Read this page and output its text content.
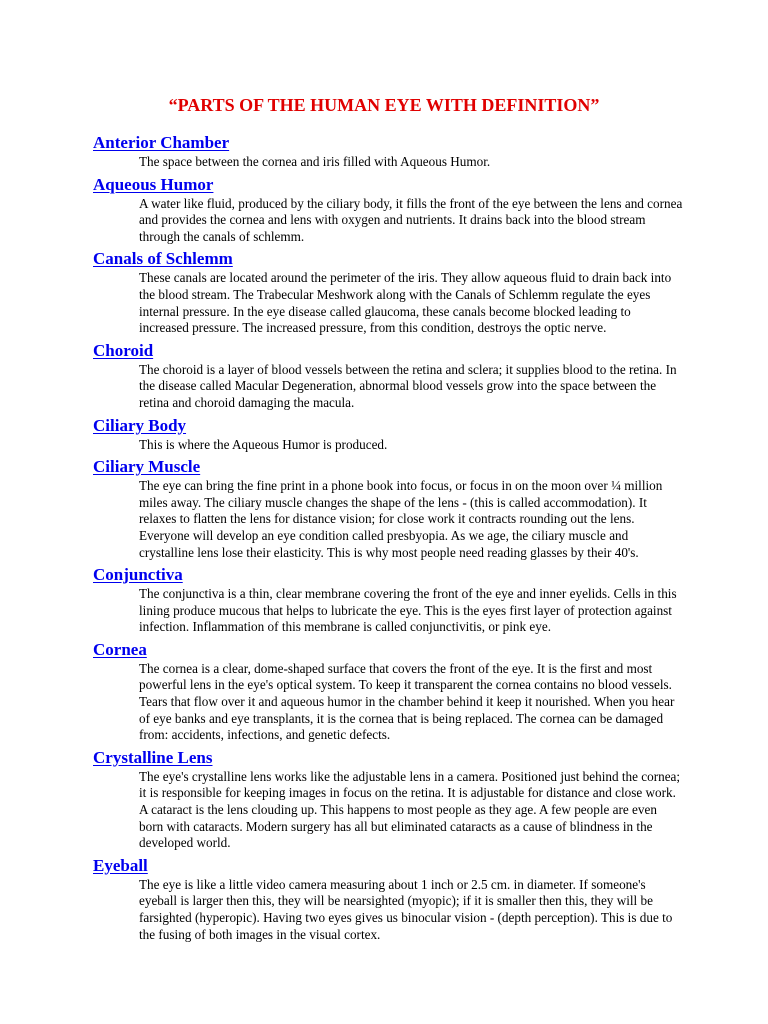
“PARTS OF THE HUMAN EYE WITH DEFINITION”
Anterior Chamber

The space between the cornea and iris filled with Aqueous Humor.

Aqueous Humor

A water like fluid, produced by the ciliary body, it fills the front of the eye between the lens and cornea and provides the cornea and lens with oxygen and nutrients. It drains back into the blood stream through the canals of schlemm.

Canals of Schlemm

These canals are located around the perimeter of the iris. They allow aqueous fluid to drain back into the blood stream. The Trabecular Meshwork along with the Canals of Schlemm regulate the eyes internal pressure. In the eye disease called glaucoma, these canals become blocked leading to increased pressure. The increased pressure, from this condition, destroys the optic nerve.

Choroid

The choroid is a layer of blood vessels between the retina and sclera; it supplies blood to the retina. In the disease called Macular Degeneration, abnormal blood vessels grow into the space between the retina and choroid damaging the macula.

Ciliary Body

This is where the Aqueous Humor is produced.

Ciliary Muscle

The eye can bring the fine print in a phone book into focus, or focus in on the moon over ¼ million miles away. The ciliary muscle changes the shape of the lens - (this is called accommodation). It relaxes to flatten the lens for distance vision; for close work it contracts rounding out the lens. Everyone will develop an eye condition called presbyopia. As we age, the ciliary muscle and crystalline lens lose their elasticity. This is why most people need reading glasses by their 40's.

Conjunctiva

The conjunctiva is a thin, clear membrane covering the front of the eye and inner eyelids. Cells in this lining produce mucous that helps to lubricate the eye. This is the eyes first layer of protection against infection. Inflammation of this membrane is called conjunctivitis, or pink eye.

Cornea

The cornea is a clear, dome-shaped surface that covers the front of the eye. It is the first and most powerful lens in the eye's optical system. To keep it transparent the cornea contains no blood vessels. Tears that flow over it and aqueous humor in the chamber behind it keep it nourished. When you hear of eye banks and eye transplants, it is the cornea that is being replaced. The cornea can be damaged from: accidents, infections, and genetic defects.

Crystalline Lens

The eye's crystalline lens works like the adjustable lens in a camera. Positioned just behind the cornea; it is responsible for keeping images in focus on the retina. It is adjustable for distance and close work. A cataract is the lens clouding up. This happens to most people as they age. A few people are even born with cataracts. Modern surgery has all but eliminated cataracts as a cause of blindness in the developed world.

Eyeball

The eye is like a little video camera measuring about 1 inch or 2.5 cm. in diameter. If someone's eyeball is larger then this, they will be nearsighted (myopic); if it is smaller then this, they will be farsighted (hyperopic). Having two eyes gives us binocular vision - (depth perception). This is due to the fusing of both images in the visual cortex.
